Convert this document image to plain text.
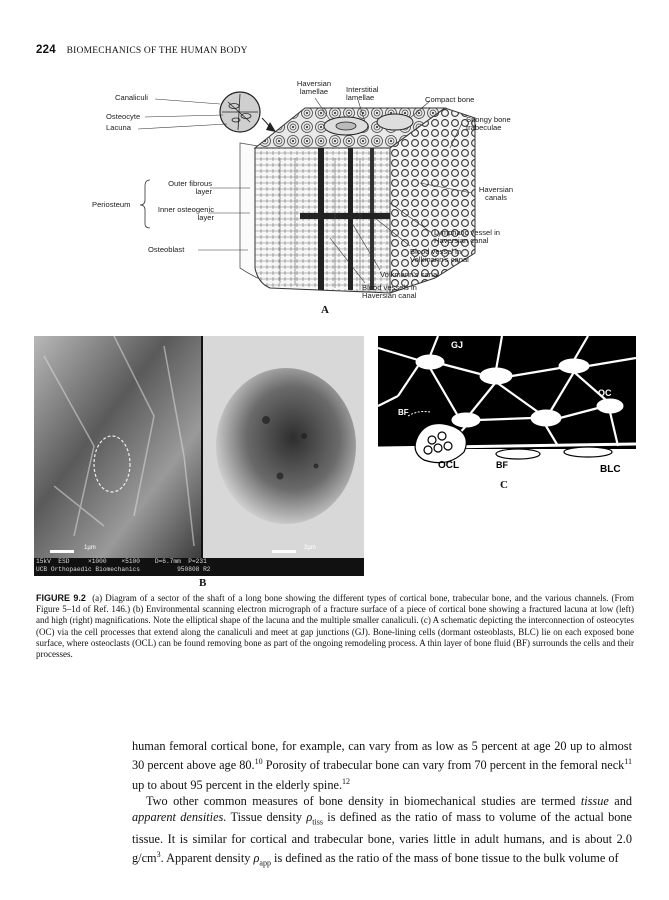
224 BIOMECHANICS OF THE HUMAN BODY
Canaliculi
Osteocyte
Lacuna
Haversian lamellae	Interstitial lamellae	Compact bone
Spongy bone trabeculae
Periosteum
Outer fibrous layer
Inner osteogenic layer
Osteoblast
Haversian canals
Lymphatic vessel in Haversian canal
Blood vessel in Volkmann's canal
Volkmann's canal
Blood vessels in Haversian canal
A
1µm	2µm
15kV  ESD     ×1000    ×5100    D=6.7mm  P=231
UCB Orthopaedic Biomechanics          950808 R2
B
GJ
OC
BF
OCL	BF	BLC
C
FIGURE 9.2 (a) Diagram of a sector of the shaft of a long bone showing the different types of cortical bone, trabecular bone, and the various channels. (From Figure 5–1d of Ref. 146.) (b) Environmental scanning electron micrograph of a fracture surface of a piece of cortical bone showing a fractured lacuna at low (left) and high (right) magnifications. Note the elliptical shape of the lacuna and the multiple smaller canaliculi. (c) A schematic depicting the interconnection of osteocytes (OC) via the cell processes that extend along the canaliculi and meet at gap junctions (GJ). Bone-lining cells (dormant osteoblasts, BLC) lie on each exposed bone surface, where osteoclasts (OCL) can be found removing bone as part of the ongoing remodeling process. A thin layer of bone fluid (BF) surrounds the cells and their processes.

human femoral cortical bone, for example, can vary from as low as 5 percent at age 20 up to almost 30 percent above age 80.10 Porosity of trabecular bone can vary from 70 percent in the femoral neck$^{11}$ up to about 95 percent in the elderly spine.$^{12}$

Two other common measures of bone density in biomechanical studies are termed tissue and apparent densities. Tissue density $\rho_{tiss}$ is defined as the ratio of mass to volume of the actual bone tissue. It is similar for cortical and trabecular bone, varies little in adult humans, and is about 2.0 $g/cm^3$. Apparent density $\rho_{app}$ is defined as the ratio of the mass of bone tissue to the bulk volume of
